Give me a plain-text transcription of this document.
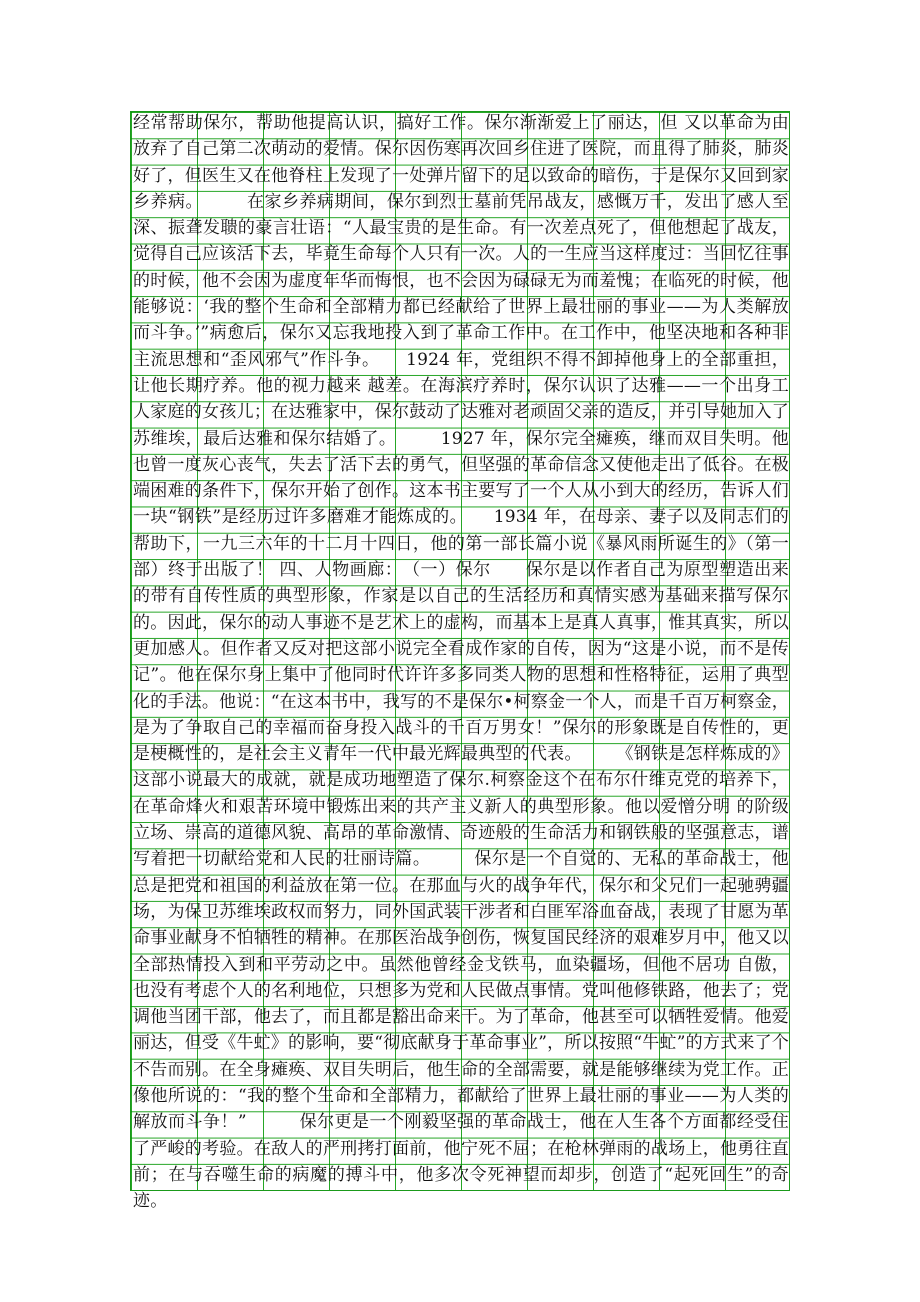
经常帮助保尔，帮助他提高认识，搞好工作。保尔渐渐爱上了丽达，但 又以革命为由放弃了自己第二次萌动的爱情。保尔因伤寒再次回乡住进了医院，而且得了肺炎，肺炎好了，但医生又在他脊柱上发现了一处弹片留下的足以致命的暗伤，于是保尔又回到家乡养病。　　　在家乡养病期间，保尔到烈士墓前凭吊战友，感慨万千，发出了感人至深、振聋发聩的豪言壮语：“人最宝贵的是生命。有一次差点死了，但他想起了战友，觉得自己应该活下去，毕竟生命每个人只有一次。人的一生应当这样度过：当回忆往事的时候，他不会因为虚度年华而悔恨，也不会因为碌碌无为而羞愧；在临死的时候，他能够说：‘我的整个生命和全部精力都已经献给了世界上最壮丽的事业——为人类解放而斗争。’”病愈后，保尔又忘我地投入到了革命工作中。在工作中，他坚决地和各种非主流思想和“歪风邪气”作斗争。　　1924 年，党组织不得不卸掉他身上的全部重担，让他长期疗养。他的视力越来 越差。在海滨疗养时，保尔认识了达雅——一个出身工人家庭的女孩儿；在达雅家中，保尔鼓动了达雅对老顽固父亲的造反，并引导她加入了苏维埃，最后达雅和保尔结婚了。　　　1927 年，保尔完全瘫痪，继而双目失明。他也曾一度灰心丧气，失去了活下去的勇气，但坚强的革命信念又使他走出了低谷。在极端困难的条件下，保尔开始了创作。这本书主要写了一个人从小到大的经历，告诉人们一块“钢铁”是经历过许多磨难才能炼成的。　　1934 年，在母亲、妻子以及同志们的帮助下，一九三六年的十二月十四日，他的第一部长篇小说《暴风雨所诞生的》（第一部）终于出版了！ 四、人物画廊：　（一）保尔　　保尔是以作者自己为原型塑造出来的带有自传性质的典型形象，作家是以自己的生活经历和真情实感为基础来描写保尔的。因此，保尔的动人事迹不是艺术上的虚构，而基本上是真人真事，惟其真实，所以更加感人。但作者又反对把这部小说完全看成作家的自传，因为“这是小说，而不是传记”。他在保尔身上集中了他同时代许许多多同类人物的思想和性格特征，运用了典型化的手法。他说：“在这本书中，我写的不是保尔•柯察金一个人，而是千百万柯察金，是为了争取自己的幸福而奋身投入战斗的千百万男女！”保尔的形象既是自传性的，更是梗概性的，是社会主义青年一代中最光辉最典型的代表。　　　《钢铁是怎样炼成的》这部小说最大的成就，就是成功地塑造了保尔.柯察金这个在布尔什维克党的培养下，在革命烽火和艰苦环境中锻炼出来的共产主义新人的典型形象。他以爱憎分明 的阶级立场、崇高的道德风貌、高昂的革命激情、奇迹般的生命活力和钢铁般的坚强意志，谱写着把一切献给党和人民的壮丽诗篇。　　　保尔是一个自觉的、无私的革命战士，他总是把党和祖国的利益放在第一位。在那血与火的战争年代，保尔和父兄们一起驰骋疆场，为保卫苏维埃政权而努力，同外国武装干涉者和白匪军浴血奋战，表现了甘愿为革命事业献身不怕牺牲的精神。在那医治战争创伤，恢复国民经济的艰难岁月中，他又以全部热情投入到和平劳动之中。虽然他曾经金戈铁马，血染疆场，但他不居功 自傲，也没有考虑个人的名利地位，只想多为党和人民做点事情。党叫他修铁路，他去了；党调他当团干部，他去了，而且都是豁出命来干。为了革命，他甚至可以牺牲爱情。他爱丽达，但受《牛虻》的影响，要“彻底献身于革命事业”，所以按照“牛虻”的方式来了个不告而别。在全身瘫痪、双目失明后，他生命的全部需要，就是能够继续为党工作。正像他所说的：“我的整个生命和全部精力，都献给了世界上最壮丽的事业——为人类的解放而斗争！”　　　保尔更是一个刚毅坚强的革命战士，他在人生各个方面都经受住了严峻的考验。在敌人的严刑拷打面前，他宁死不屈；在枪林弹雨的战场上，他勇往直前；在与吞噬生命的病魔的搏斗中，他多次令死神望而却步，创造了“起死回生”的奇迹。
